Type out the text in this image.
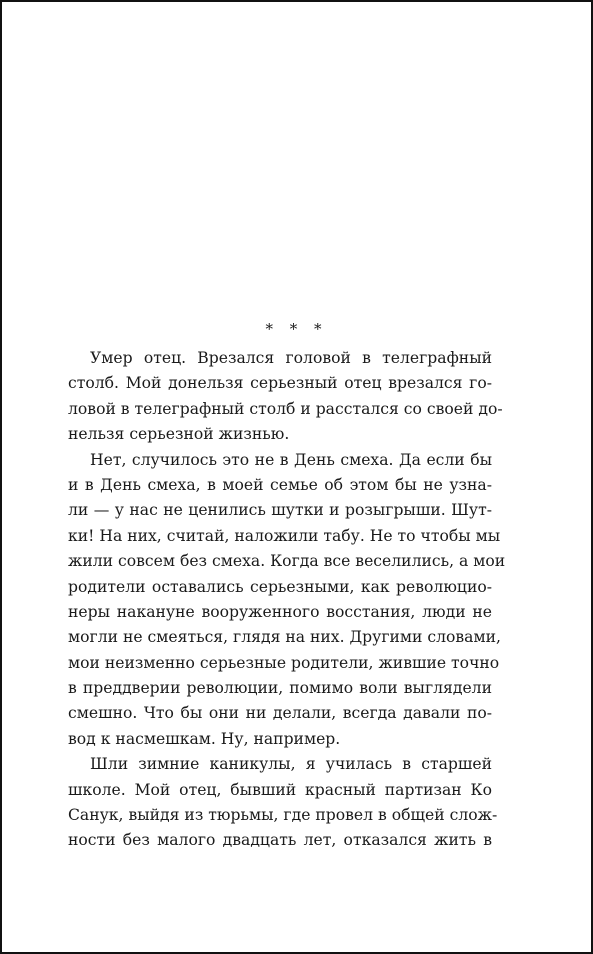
* * *
Умер отец. Врезался головой в телеграфный
столб. Мой донельзя серьезный отец врезался го-
ловой в телеграфный столб и расстался со своей до-
нельзя серьезной жизнью.
Нет, случилось это не в День смеха. Да если бы
и в День смеха, в моей семье об этом бы не узна-
ли — у нас не ценились шутки и розыгрыши. Шут-
ки! На них, считай, наложили табу. Не то чтобы мы
жили совсем без смеха. Когда все веселились, а мои
родители оставались серьезными, как революцио-
неры накануне вооруженного восстания, люди не
могли не смеяться, глядя на них. Другими словами,
мои неизменно серьезные родители, жившие точно
в преддверии революции, помимо воли выглядели
смешно. Что бы они ни делали, всегда давали по-
вод к насмешкам. Ну, например.
Шли зимние каникулы, я училась в старшей
школе. Мой отец, бывший красный партизан Ко
Санук, выйдя из тюрьмы, где провел в общей слож-
ности без малого двадцать лет, отказался жить в
